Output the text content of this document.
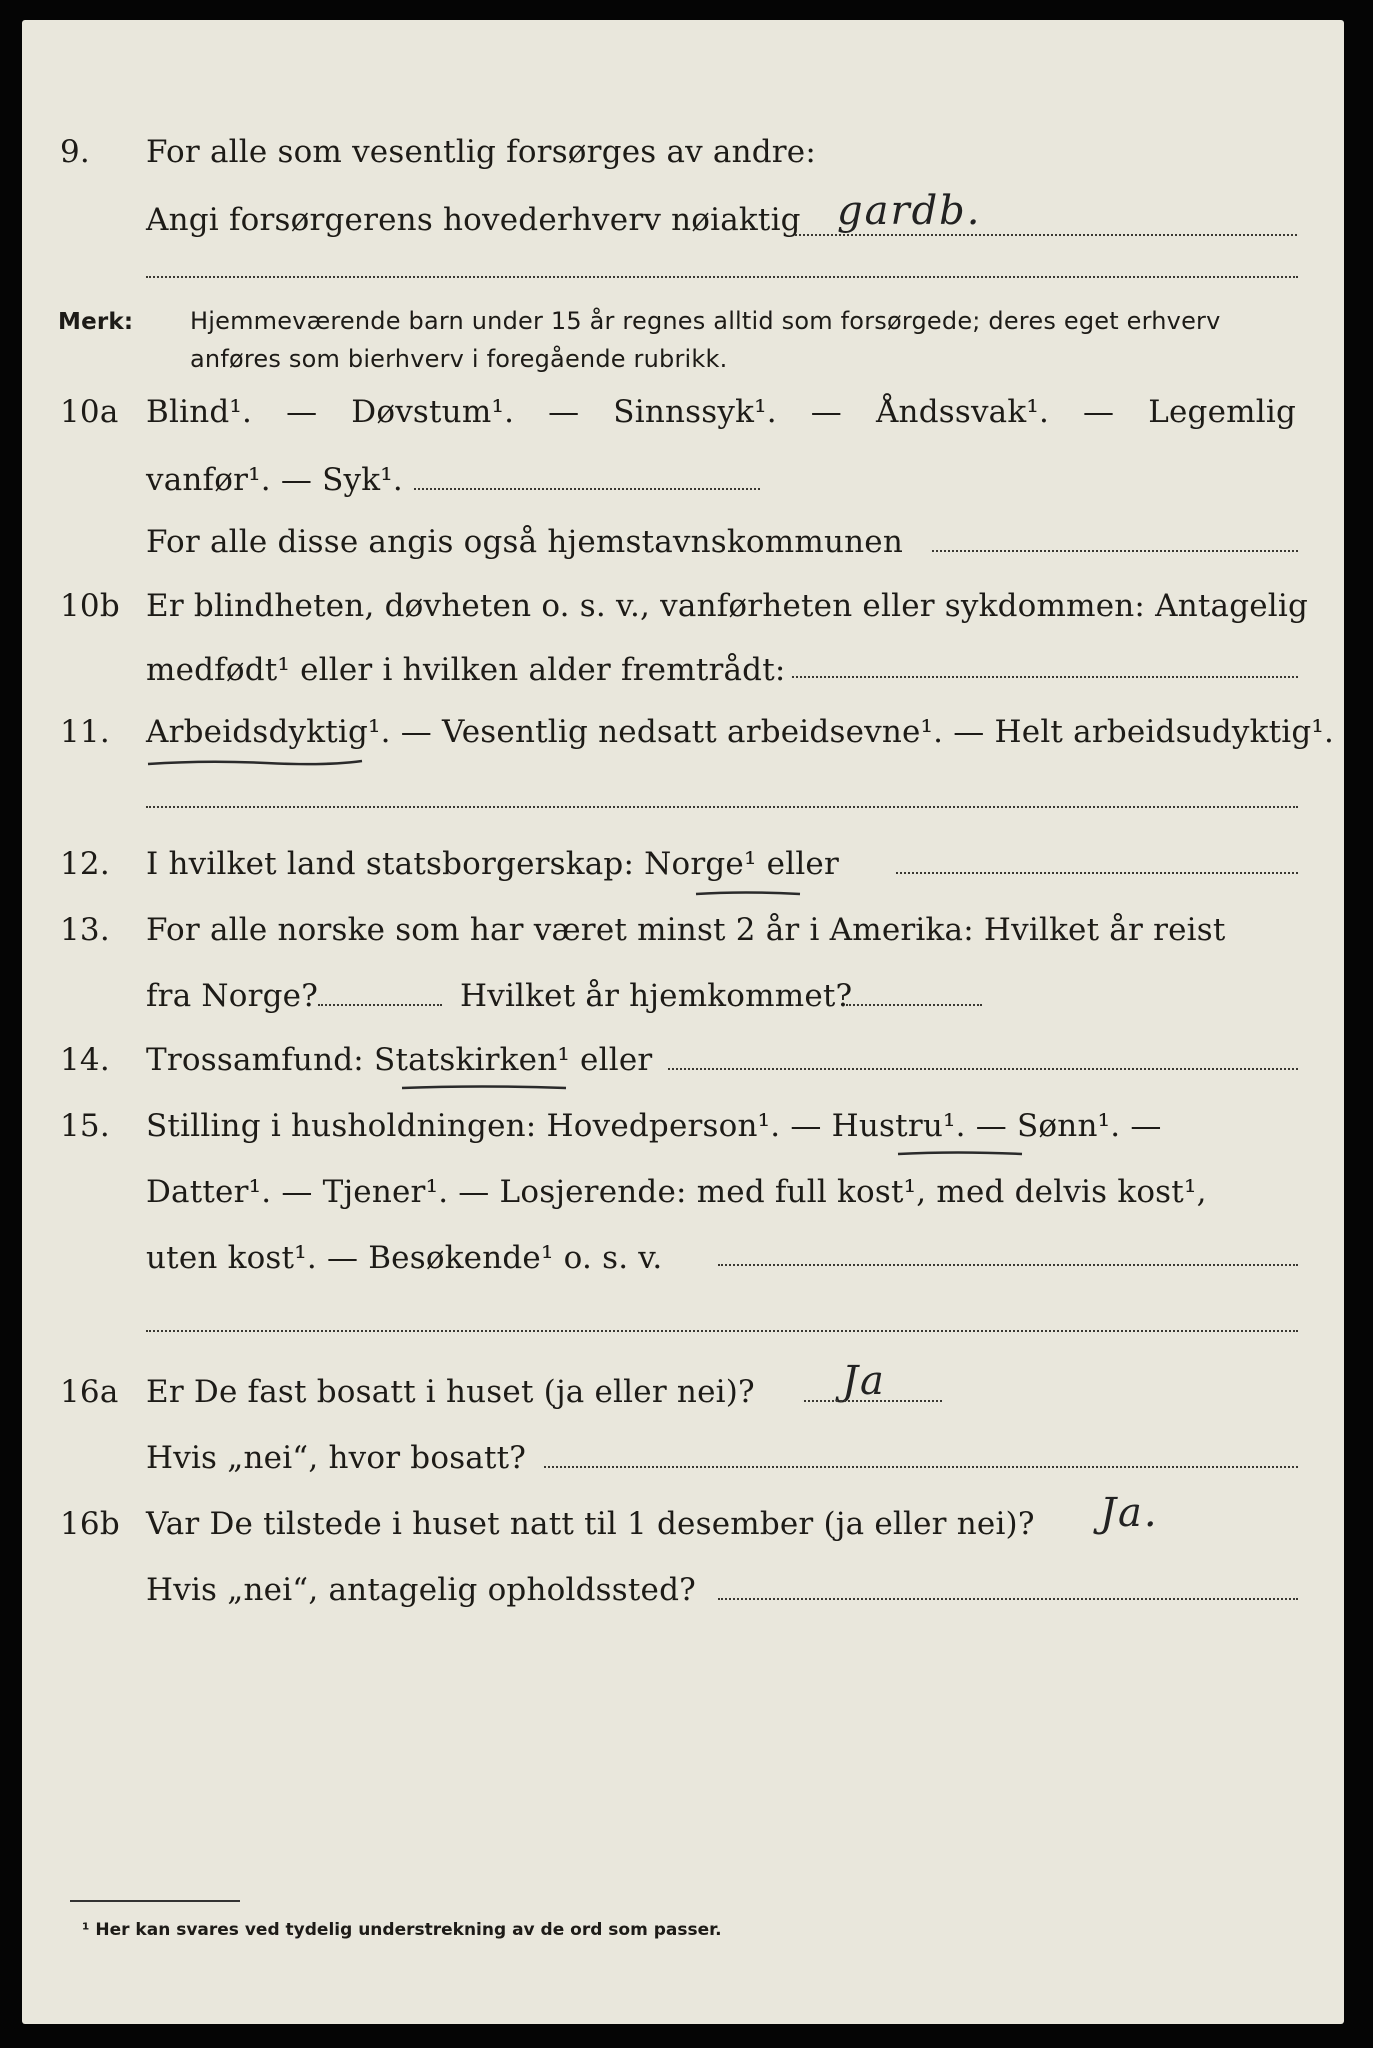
9. For alle som vesentlig forsørges av andre:
Angi forsørgerens hovederhverv nøiaktig gardb.
Merk: Hjemmeværende barn under 15 år regnes alltid som forsørgede; deres eget erhverv
anføres som bierhverv i foregående rubrikk.
10a Blind¹. — Døvstum¹. — Sinnssyk¹. — Åndssvak¹. — Legemlig
vanfør¹. — Syk¹.
For alle disse angis også hjemstavnskommunen
10b Er blindheten, døvheten o. s. v., vanførheten eller sykdommen: Antagelig
medfødt¹ eller i hvilken alder fremtrådt:
11. Arbeidsdyktig¹. — Vesentlig nedsatt arbeidsevne¹. — Helt arbeidsudyktig¹.
12. I hvilket land statsborgerskap: Norge¹ eller
13. For alle norske som har været minst 2 år i Amerika: Hvilket år reist
fra Norge?	Hvilket år hjemkommet?
14. Trossamfund: Statskirken¹ eller
15. Stilling i husholdningen: Hovedperson¹. — Hustru¹. — Sønn¹. —
Datter¹. — Tjener¹. — Losjerende: med full kost¹, med delvis kost¹,
uten kost¹. — Besøkende¹ o. s. v.
16a Er De fast bosatt i huset (ja eller nei)? Ja
Hvis „nei“, hvor bosatt?
16b Var De tilstede i huset natt til 1 desember (ja eller nei)? Ja.
Hvis „nei“, antagelig opholdssted?
¹ Her kan svares ved tydelig understrekning av de ord som passer.
